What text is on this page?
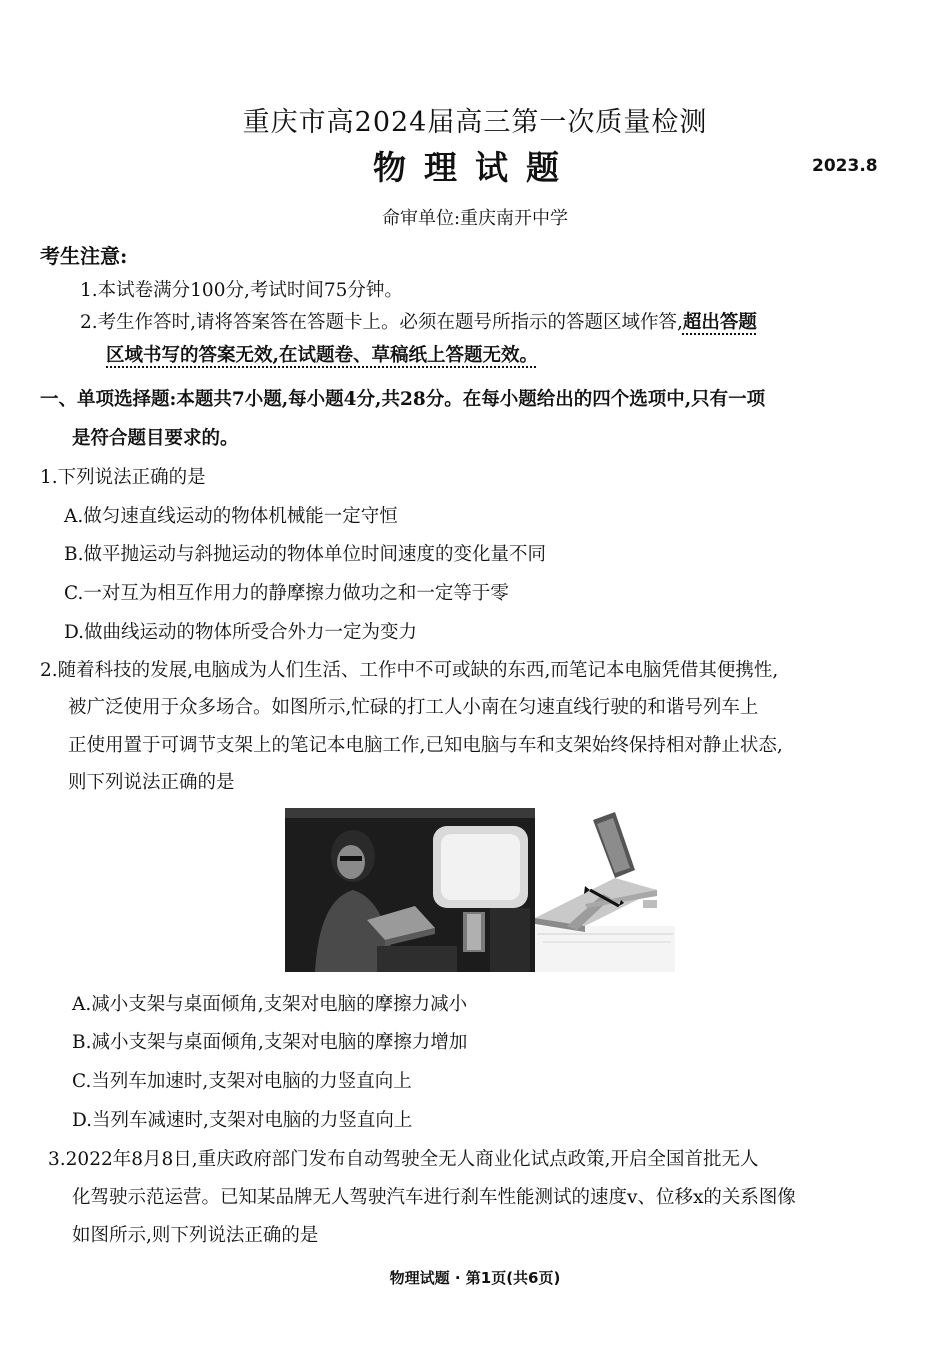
重庆市高2024届高三第一次质量检测
物理试题	2023.8
命审单位:重庆南开中学
考生注意:
1.本试卷满分100分,考试时间75分钟。
2.考生作答时,请将答案答在答题卡上。必须在题号所指示的答题区域作答,超出答题
区域书写的答案无效,在试题卷、草稿纸上答题无效。
一、单项选择题:本题共7小题,每小题4分,共28分。在每小题给出的四个选项中,只有一项
是符合题目要求的。
1.下列说法正确的是
A.做匀速直线运动的物体机械能一定守恒
B.做平抛运动与斜抛运动的物体单位时间速度的变化量不同
C.一对互为相互作用力的静摩擦力做功之和一定等于零
D.做曲线运动的物体所受合外力一定为变力
2.随着科技的发展,电脑成为人们生活、工作中不可或缺的东西,而笔记本电脑凭借其便携性,
被广泛使用于众多场合。如图所示,忙碌的打工人小南在匀速直线行驶的和谐号列车上
正使用置于可调节支架上的笔记本电脑工作,已知电脑与车和支架始终保持相对静止状态,
则下列说法正确的是
A.减小支架与桌面倾角,支架对电脑的摩擦力减小
B.减小支架与桌面倾角,支架对电脑的摩擦力增加
C.当列车加速时,支架对电脑的力竖直向上
D.当列车减速时,支架对电脑的力竖直向上
3.2022年8月8日,重庆政府部门发布自动驾驶全无人商业化试点政策,开启全国首批无人
化驾驶示范运营。已知某品牌无人驾驶汽车进行刹车性能测试的速度v、位移x的关系图像
如图所示,则下列说法正确的是
物理试题 · 第1页(共6页)
